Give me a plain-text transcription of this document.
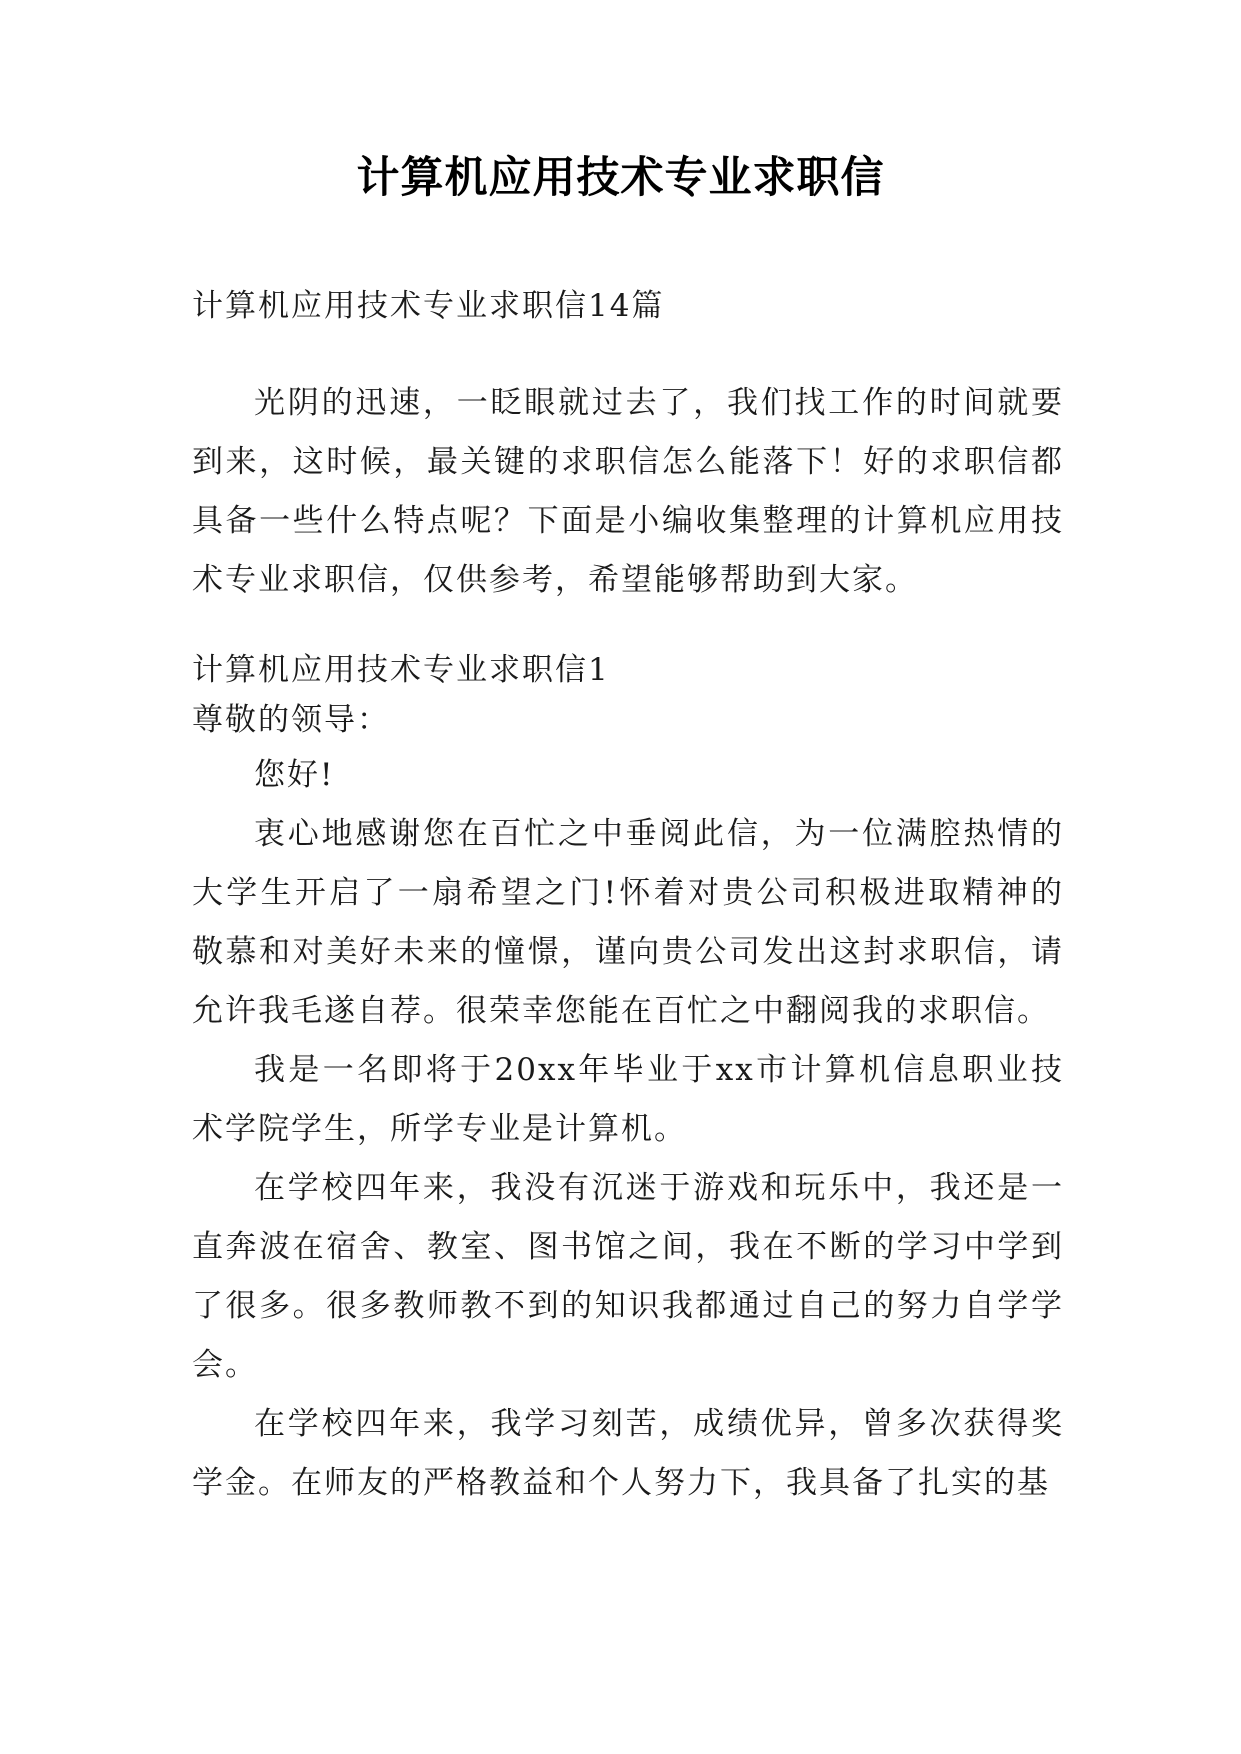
计算机应用技术专业求职信
计算机应用技术专业求职信14篇

光阴的迅速，一眨眼就过去了，我们找工作的时间就要到来，这时候，最关键的求职信怎么能落下！好的求职信都具备一些什么特点呢？下面是小编收集整理的计算机应用技术专业求职信，仅供参考，希望能够帮助到大家。

计算机应用技术专业求职信1
尊敬的领导：

您好!

衷心地感谢您在百忙之中垂阅此信，为一位满腔热情的大学生开启了一扇希望之门!怀着对贵公司积极进取精神的敬慕和对美好未来的憧憬，谨向贵公司发出这封求职信，请允许我毛遂自荐。很荣幸您能在百忙之中翻阅我的求职信。

我是一名即将于20xx年毕业于xx市计算机信息职业技术学院学生，所学专业是计算机。

在学校四年来，我没有沉迷于游戏和玩乐中，我还是一直奔波在宿舍、教室、图书馆之间，我在不断的学习中学到了很多。很多教师教不到的知识我都通过自己的努力自学学会。

在学校四年来，我学习刻苦，成绩优异，曾多次获得奖学金。在师友的严格教益和个人努力下，我具备了扎实的基
